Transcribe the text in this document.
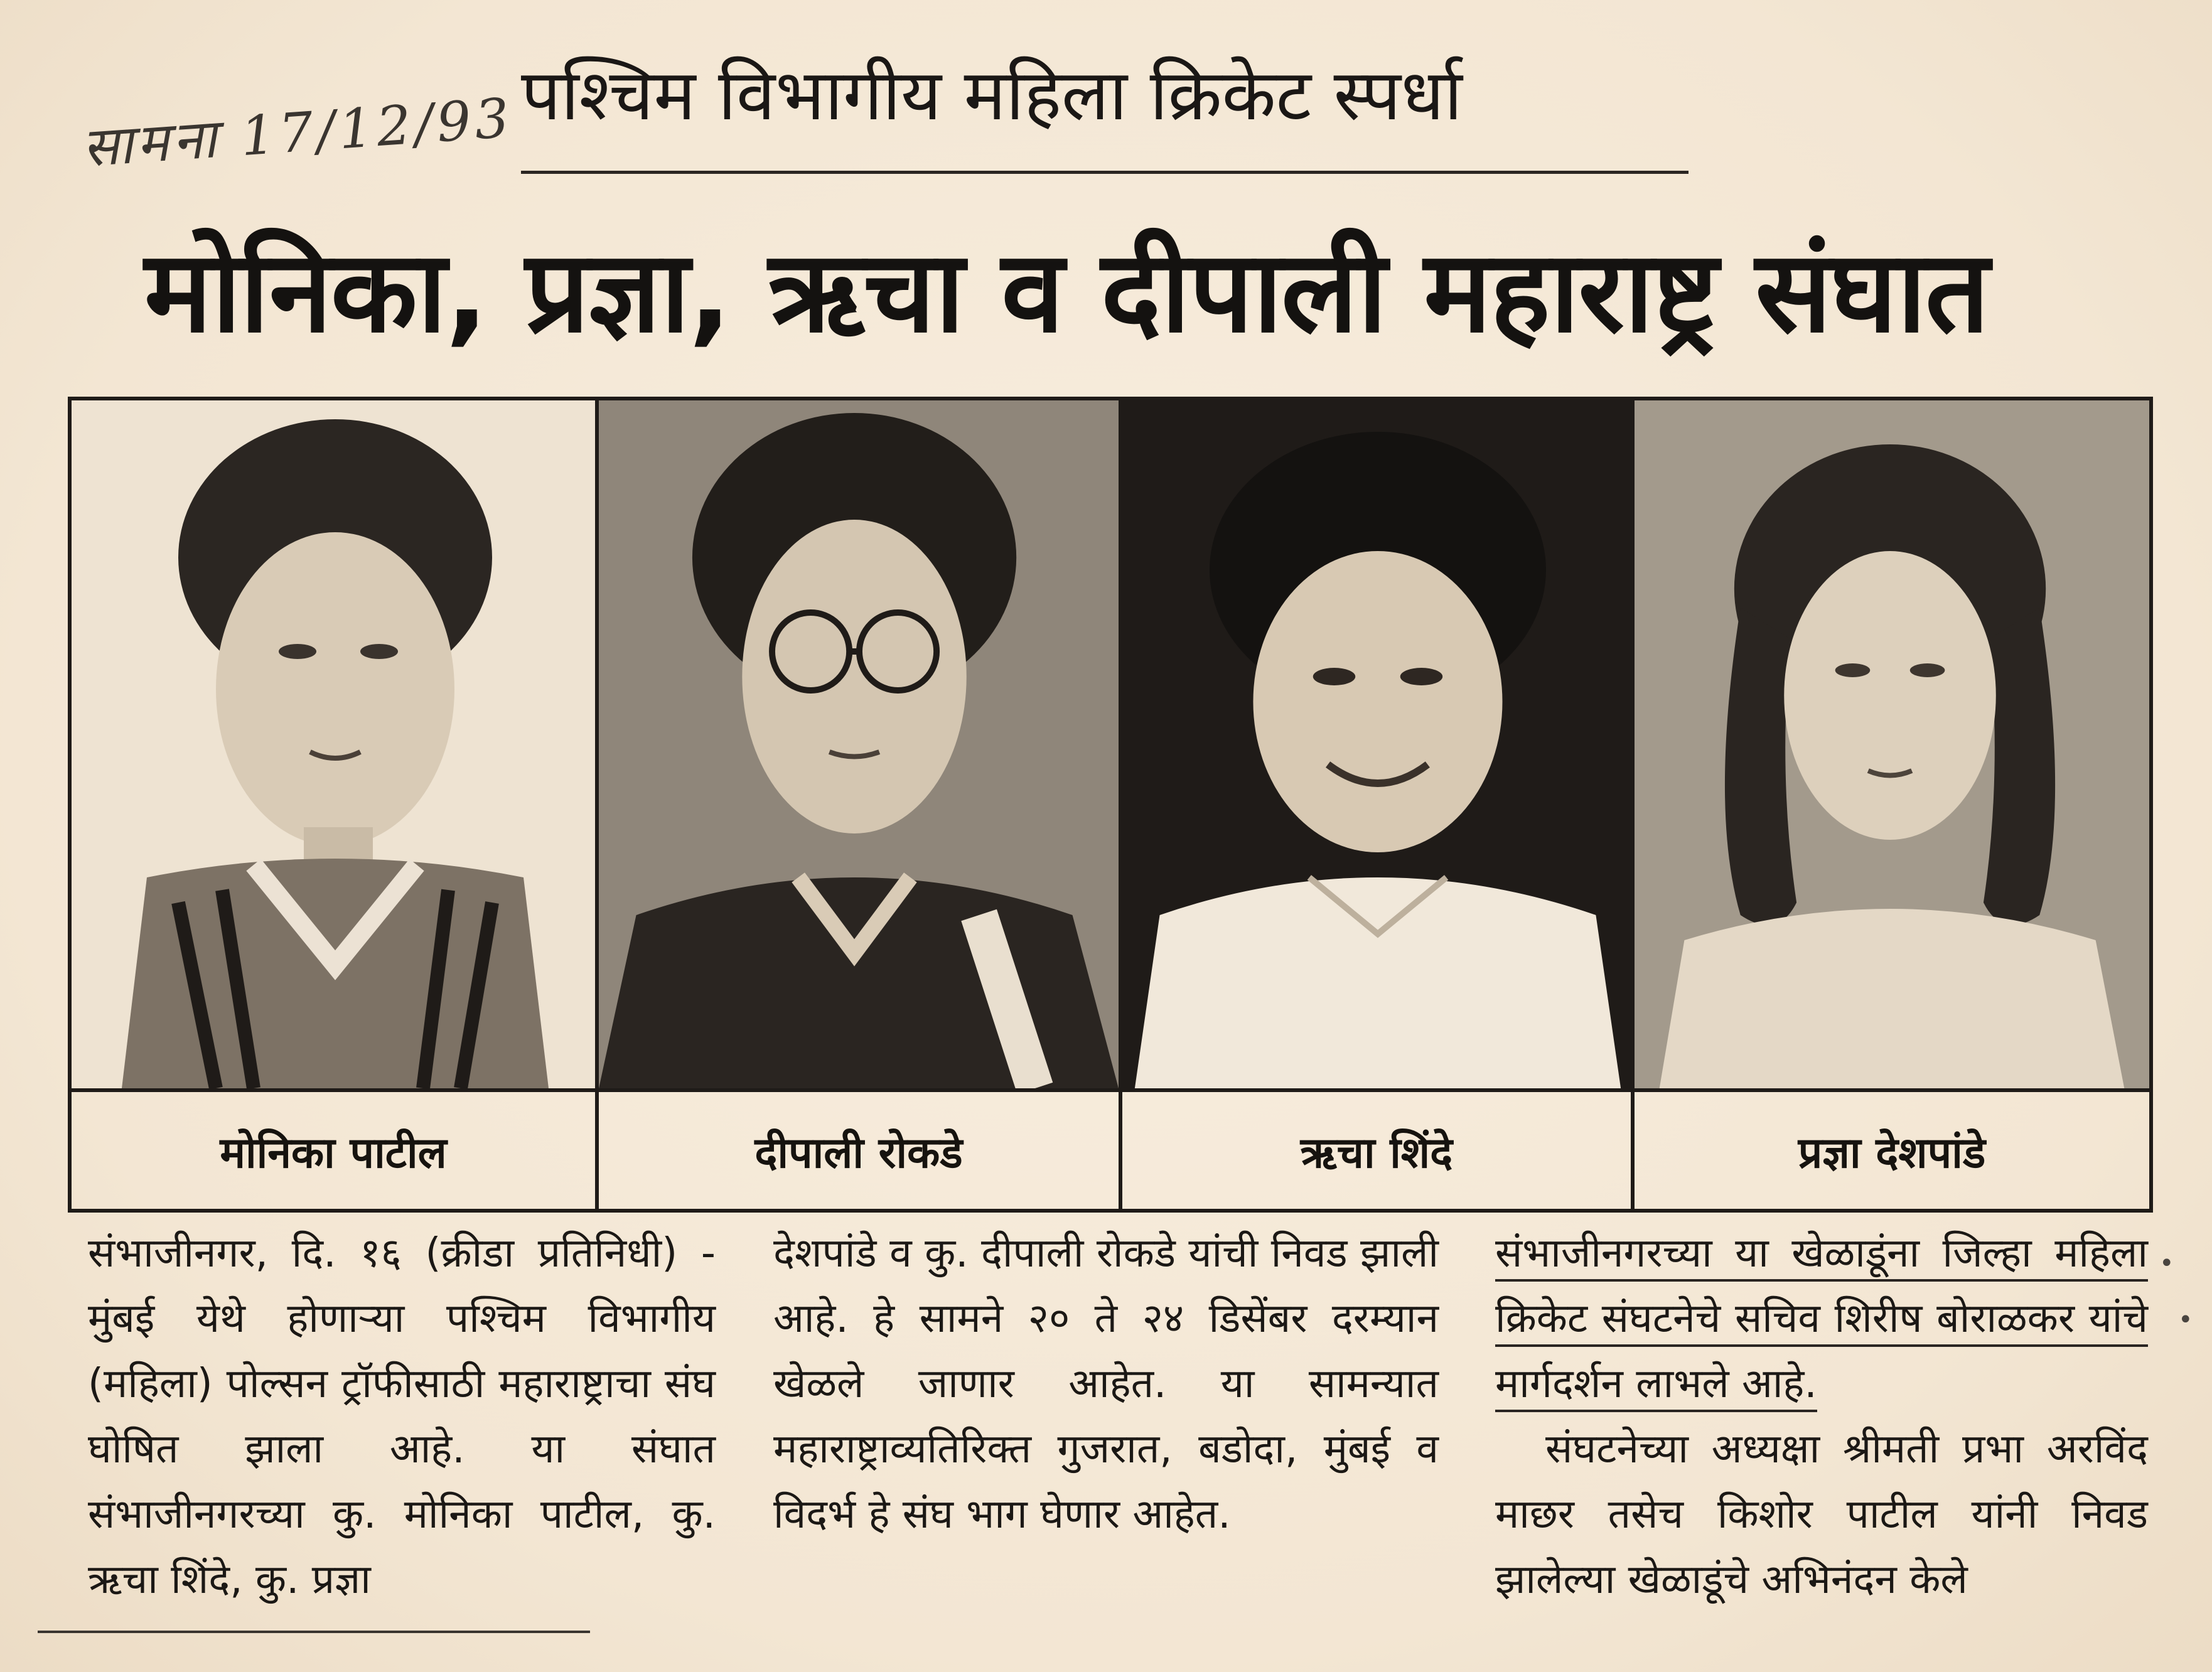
सामना 17/12/93 पश्चिम विभागीय महिला क्रिकेट स्पर्धा
मोनिका, प्रज्ञा, ऋचा व दीपाली महाराष्ट्र संघात
मोनिका पाटील	दीपाली रोकडे	ऋचा शिंदे	प्रज्ञा देशपांडे

संभाजीनगर, दि. १६ (क्रीडा प्रतिनिधी) - मुंबई येथे होणाऱ्या पश्चिम विभागीय (महिला) पोल्सन ट्रॉफीसाठी महाराष्ट्राचा संघ घोषित झाला आहे. या संघात संभाजीनगरच्या कु. मोनिका पाटील, कु. ऋचा शिंदे, कु. प्रज्ञा

देशपांडे व कु. दीपाली रोकडे यांची निवड झाली आहे. हे सामने २० ते २४ डिसेंबर दरम्यान खेळले जाणार आहेत. या सामन्यात महाराष्ट्राव्यतिरिक्त गुजरात, बडोदा, मुंबई व विदर्भ हे संघ भाग घेणार आहेत.

संभाजीनगरच्या या खेळाडूंना जिल्हा महिला क्रिकेट संघटनेचे सचिव शिरीष बोराळकर यांचे मार्गदर्शन लाभले आहे.

संघटनेच्या अध्यक्षा श्रीमती प्रभा अरविंद माछर तसेच किशोर पाटील यांनी निवड झालेल्या खेळाडूंचे अभिनंदन केले

•
•
